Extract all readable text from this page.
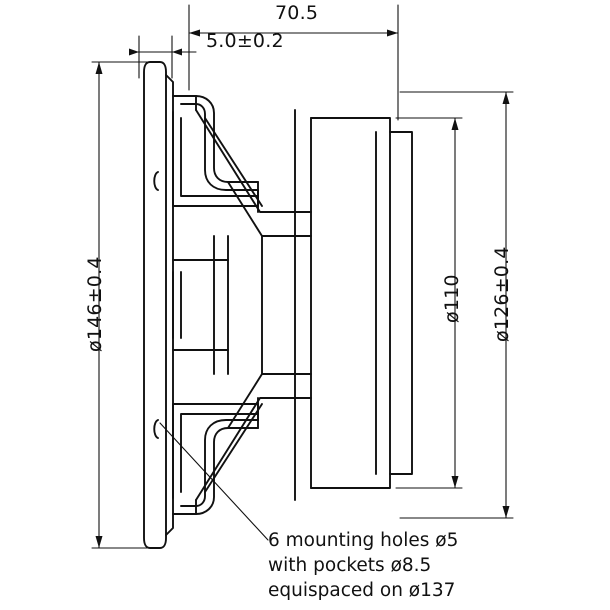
70.5
5.0±0.2
ø146±0.4	ø126±0.4
ø110
6 mounting holes ø5
with pockets ø8.5
equispaced on ø137
